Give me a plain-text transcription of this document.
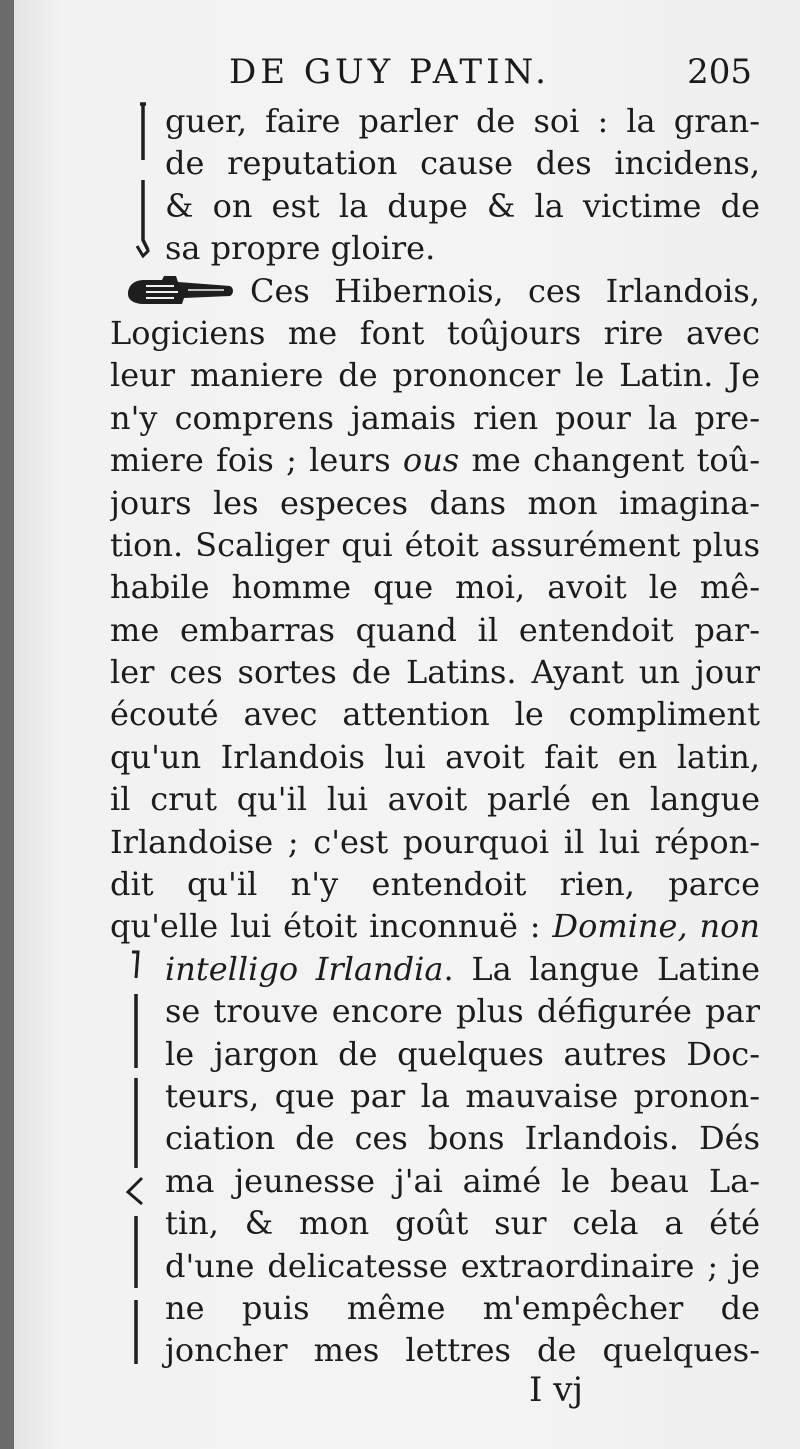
DE GUY PATIN.	205
guer, faire parler de soi : la gran-
de reputation cause des incidens,
& on est la dupe & la victime de
sa propre gloire.
Ces Hibernois, ces Irlandois,
Logiciens me font toûjours rire avec
leur maniere de prononcer le Latin. Je
n'y comprens jamais rien pour la pre-
miere fois ; leurs ous me changent toû-
jours les especes dans mon imagina-
tion. Scaliger qui étoit assurément plus
habile homme que moi, avoit le mê-
me embarras quand il entendoit par-
ler ces sortes de Latins. Ayant un jour
écouté avec attention le compliment
qu'un Irlandois lui avoit fait en latin,
il crut qu'il lui avoit parlé en langue
Irlandoise ; c'est pourquoi il lui répon-
dit qu'il n'y entendoit rien, parce
qu'elle lui étoit inconnuë : Domine, non
intelligo Irlandia. La langue Latine
se trouve encore plus défigurée par
le jargon de quelques autres Doc-
teurs, que par la mauvaise pronon-
ciation de ces bons Irlandois. Dés
ma jeunesse j'ai aimé le beau La-
tin, & mon goût sur cela a été
d'une delicatesse extraordinaire ; je
ne puis même m'empêcher de
joncher mes lettres de quelques-
I vj
